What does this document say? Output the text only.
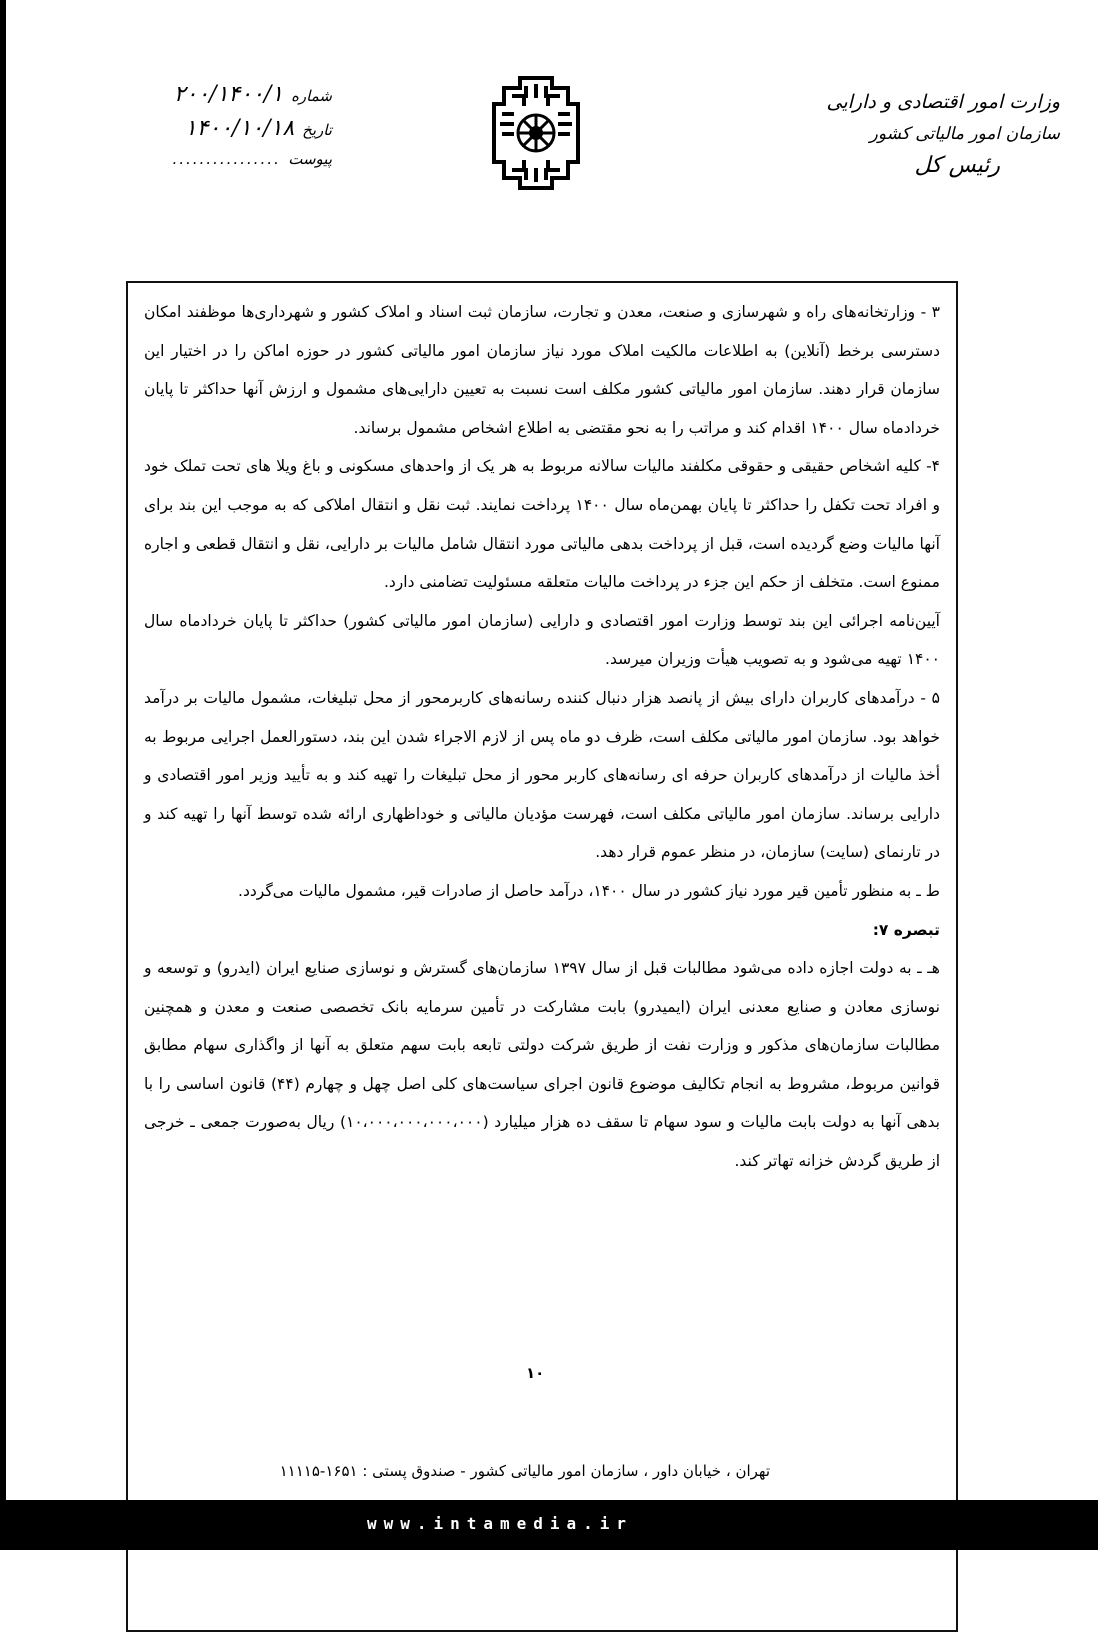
وزارت امور اقتصادی و دارایی
سازمان امور مالیاتی کشور
رئیس کل
شماره
۲۰۰/۱۴۰۰/۱
تاریخ
۱۴۰۰/۱۰/۱۸
پیوست
................

۳ - وزارتخانه‌های راه و شهرسازی و صنعت، معدن و تجارت، سازمان ثبت اسناد و املاک کشور و شهرداری‌ها موظفند امکان دسترسی برخط (آنلاین) به اطلاعات مالکیت املاک مورد نیاز سازمان امور مالیاتی کشور در حوزه اماکن را در اختیار این سازمان قرار دهند. سازمان امور مالیاتی کشور مکلف است نسبت به تعیین دارایی‌های مشمول و ارزش آنها حداکثر تا پایان خردادماه سال ۱۴۰۰ اقدام کند و مراتب را به نحو مقتضی به اطلاع اشخاص مشمول برساند.

۴- کلیه اشخاص حقیقی و حقوقی مکلفند مالیات سالانه مربوط به هر یک از واحدهای مسکونی و باغ ویلا های تحت تملک خود و افراد تحت تکفل را حداکثر تا پایان بهمن‌ماه سال ۱۴۰۰ پرداخت نمایند. ثبت نقل و انتقال املاکی که به موجب این بند برای آنها مالیات وضع گردیده است، قبل از پرداخت بدهی مالیاتی مورد انتقال شامل مالیات بر دارایی، نقل و انتقال قطعی و اجاره ممنوع است. متخلف از حکم این جزء در پرداخت مالیات متعلقه مسئولیت تضامنی دارد.

آیین‌نامه اجرائی این بند توسط وزارت امور اقتصادی و دارایی (سازمان امور مالیاتی کشور) حداکثر تا پایان خردادماه سال ۱۴۰۰ تهیه می‌شود و به تصویب هیأت وزیران میرسد.

۵ - درآمدهای کاربران دارای بیش از پانصد هزار دنبال کننده رسانه‌های کاربرمحور از محل تبلیغات، مشمول مالیات بر درآمد خواهد بود. سازمان امور مالیاتی مکلف است، ظرف دو ماه پس از لازم الاجراء شدن این بند، دستورالعمل اجرایی مربوط به أخذ مالیات از درآمدهای کاربران حرفه ای رسانه‌های کاربر محور از محل تبلیغات را تهیه کند و به تأیید وزیر امور اقتصادی و دارایی برساند. سازمان امور مالیاتی مکلف است، فهرست مؤدیان مالیاتی و خوداظهاری ارائه شده توسط آنها را تهیه کند و در تارنمای (سایت) سازمان، در منظر عموم قرار دهد.

ط ـ به منظور تأمین قیر مورد نیاز کشور در سال ۱۴۰۰، درآمد حاصل از صادرات قیر، مشمول مالیات می‌گردد.

تبصره ۷:

هـ ـ به دولت اجازه داده می‌شود مطالبات قبل از سال ۱۳۹۷ سازمان‌های گسترش و نوسازی صنایع ایران (ایدرو) و توسعه و نوسازی معادن و صنایع معدنی ایران (ایمیدرو) بابت مشارکت در تأمین سرمایه بانک تخصصی صنعت و معدن و همچنین مطالبات سازمان‌های مذکور و وزارت نفت از طریق شرکت دولتی تابعه بابت سهم متعلق به آنها از واگذاری سهام مطابق قوانین مربوط، مشروط به انجام تکالیف موضوع قانون اجرای سیاست‌های کلی اصل چهل و چهارم (۴۴) قانون اساسی را با بدهی آنها به دولت بابت مالیات و سود سهام تا سقف ده هزار میلیارد (۱۰،۰۰۰،۰۰۰،۰۰۰،۰۰۰) ریال به‌صورت جمعی ـ خرجی از طریق گردش خزانه تهاتر کند.

۱۰
تهران ، خیابان داور ، سازمان امور مالیاتی کشور - صندوق پستی : ۱۶۵۱-۱۱۱۱۵
www.intamedia.ir
